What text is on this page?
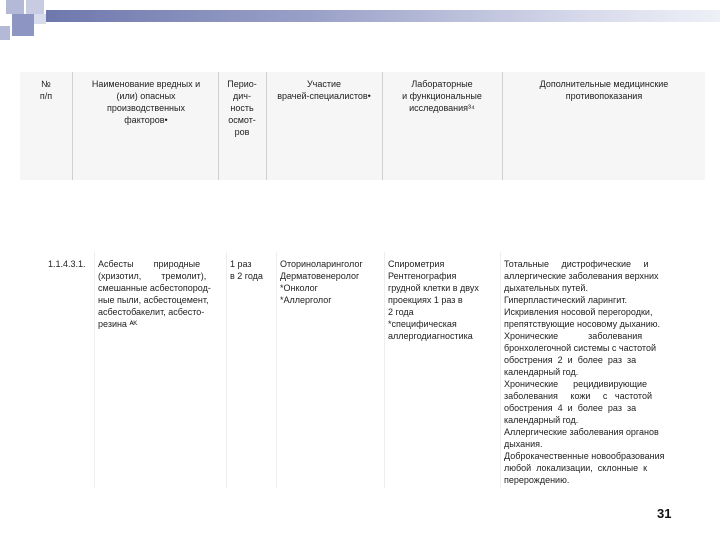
№
п/п
Наименование вредных и
(или) опасных
производственных
факторов•
Перио-
дич-
ность
осмот-
ров
Участие
врачей-специалистов•
Лабораторные
и функциональные
исследования³⁴
Дополнительные медицинские
противопоказания
1.1.4.3.1.	Асбесты        природные
(хризотил,        тремолит),
смешанные асбестопород-
ные пыли, асбестоцемент,
асбестобакелит, асбесто-
резина ᴬᴷ
1 раз
в 2 года
Оториноларинголог
Дерматовенеролог
*Онколог
*Аллерголог
Спирометрия
Рентгенография
грудной клетки в двух
проекциях 1 раз в
2 года
*специфическая
аллергодиагностика
Тотальные     дистрофические     и
аллергические заболевания верхних
дыхательных путей.
Гиперпластический ларингит.
Искривления носовой перегородки,
препятствующие носовому дыханию.
Хронические            заболевания
бронхолегочной системы с частотой
обострения  2  и  более  раз  за
календарный год.
Хронические      рецидивирующие
заболевания     кожи     с   частотой
обострения  4  и  более  раз  за
календарный год.
Аллергические заболевания органов
дыхания.
Доброкачественные новообразования
любой  локализации,  склонные  к
перерождению.
31
